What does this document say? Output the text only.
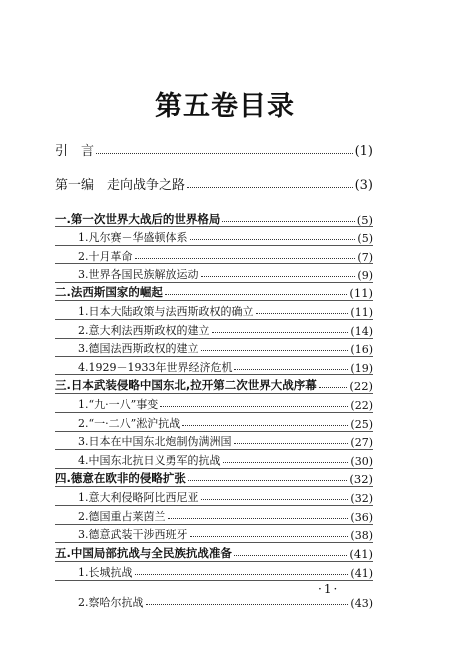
第五卷目录
引　言	(1)
第一编　走向战争之路	(3)
一.第一次世界大战后的世界格局	(5)
1.凡尔赛－华盛顿体系	(5)
2.十月革命	(7)
3.世界各国民族解放运动	(9)
二.法西斯国家的崛起	(11)
1.日本大陆政策与法西斯政权的确立	(11)
2.意大利法西斯政权的建立	(14)
3.德国法西斯政权的建立	(16)
4.1929－1933年世界经济危机	(19)
三.日本武装侵略中国东北,拉开第二次世界大战序幕	(22)
1.“九·一八”事变	(22)
2.“一·二八”淞沪抗战	(25)
3.日本在中国东北炮制伪满洲国	(27)
4.中国东北抗日义勇军的抗战	(30)
四.德意在欧非的侵略扩张	(32)
1.意大利侵略阿比西尼亚	(32)
2.德国重占莱茵兰	(36)
3.德意武装干涉西班牙	(38)
五.中国局部抗战与全民族抗战准备	(41)
1.长城抗战	(41)
·1·
2.察哈尔抗战	(43)
